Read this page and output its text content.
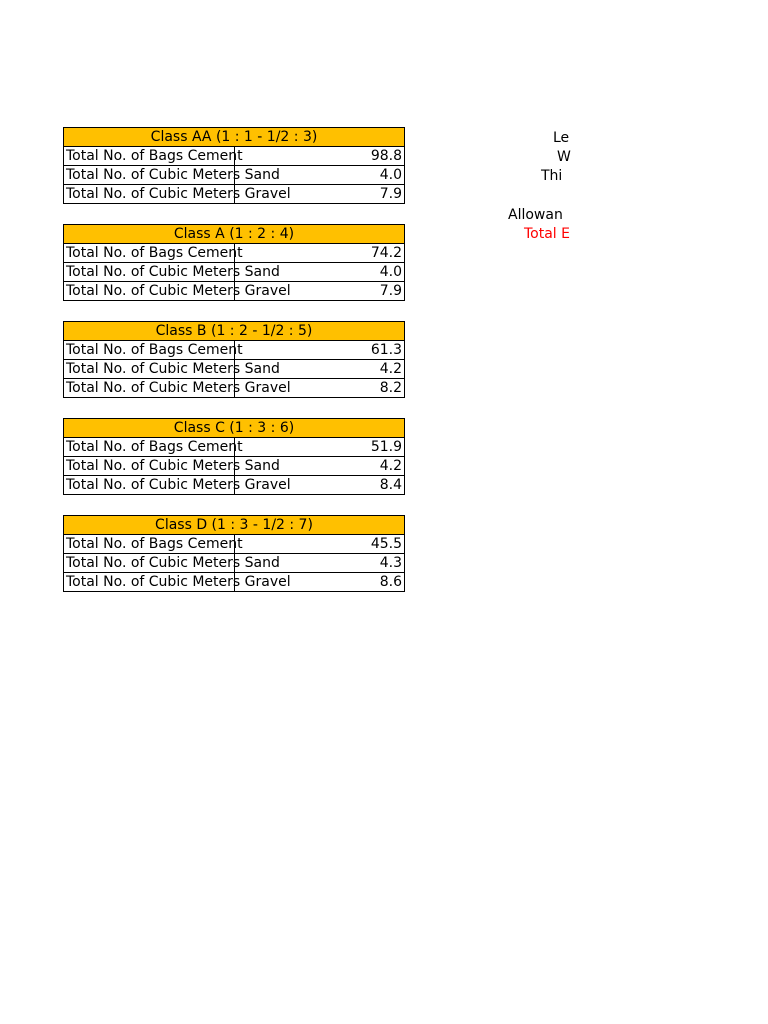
Class AA (1 : 1 - 1/2 : 3)	
Total No. of Bags Cement	98.8
Total No. of Cubic Meters Sand	4.0
Total No. of Cubic Meters Gravel	7.9
Class A (1 : 2 : 4)	
Total No. of Bags Cement	74.2
Total No. of Cubic Meters Sand	4.0
Total No. of Cubic Meters Gravel	7.9
Class B (1 : 2 - 1/2 : 5)	
Total No. of Bags Cement	61.3
Total No. of Cubic Meters Sand	4.2
Total No. of Cubic Meters Gravel	8.2
Class C (1 : 3 : 6)	
Total No. of Bags Cement	51.9
Total No. of Cubic Meters Sand	4.2
Total No. of Cubic Meters Gravel	8.4
Class D (1 : 3 - 1/2 : 7)	
Total No. of Bags Cement	45.5
Total No. of Cubic Meters Sand	4.3
Total No. of Cubic Meters Gravel	8.6
Le
W
Thi
Allowan
Total E
